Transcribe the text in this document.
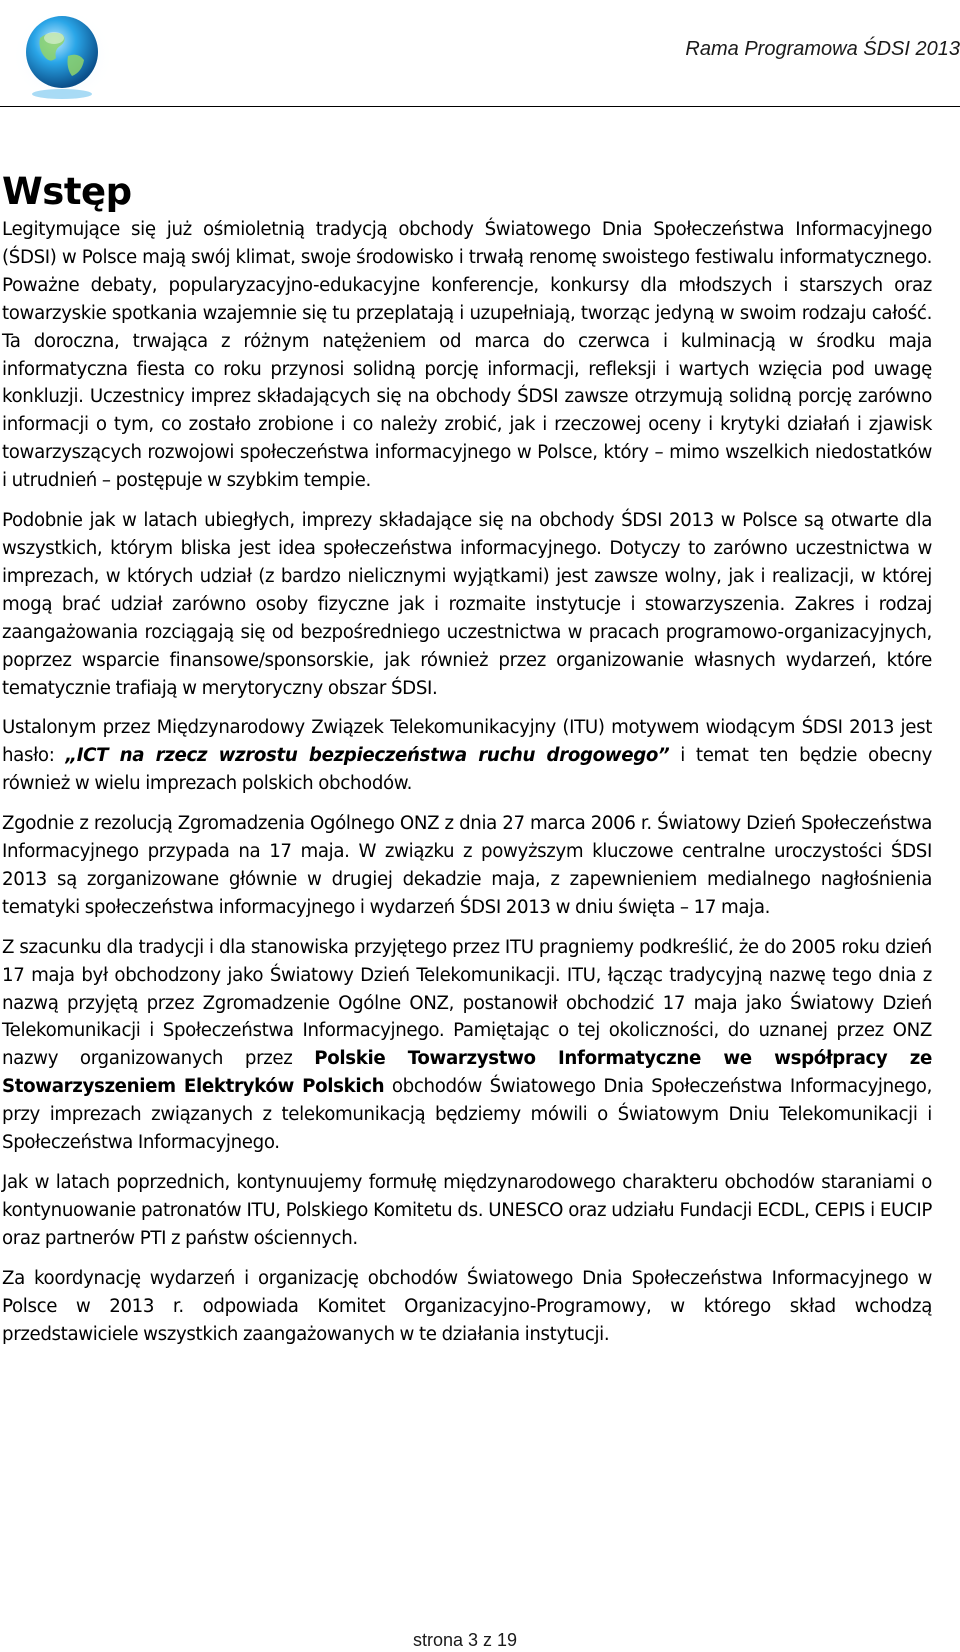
Rama Programowa ŚDSI 2013
Wstęp

Legitymujące się już ośmioletnią tradycją obchody Światowego Dnia Społeczeństwa Informacyjnego (ŚDSI) w Polsce mają swój klimat, swoje środowisko i trwałą renomę swoistego festiwalu informatycznego. Poważne debaty, popularyzacyjno-edukacyjne konferencje, konkursy dla młodszych i starszych oraz towarzyskie spotkania wzajemnie się tu przeplatają i uzupełniają, tworząc jedyną w swoim rodzaju całość. Ta doroczna, trwająca z różnym natężeniem od marca do czerwca i kulminacją w środku maja informatyczna fiesta co roku przynosi solidną porcję informacji, refleksji i wartych wzięcia pod uwagę konkluzji. Uczestnicy imprez składających się na obchody ŚDSI zawsze otrzymują solidną porcję zarówno informacji o tym, co zostało zrobione i co należy zrobić, jak i rzeczowej oceny i krytyki działań i zjawisk towarzyszących rozwojowi społeczeństwa informacyjnego w Polsce, który – mimo wszelkich niedostatków i utrudnień – postępuje w szybkim tempie.

Podobnie jak w latach ubiegłych, imprezy składające się na obchody ŚDSI 2013 w Polsce są otwarte dla wszystkich, którym bliska jest idea społeczeństwa informacyjnego. Dotyczy to zarówno uczestnictwa w imprezach, w których udział (z bardzo nielicznymi wyjątkami) jest zawsze wolny, jak i realizacji, w której mogą brać udział zarówno osoby fizyczne jak i rozmaite instytucje i stowarzyszenia. Zakres i rodzaj zaangażowania rozciągają się od bezpośredniego uczestnictwa w pracach programowo-organizacyjnych, poprzez wsparcie finansowe/sponsorskie, jak również przez organizowanie własnych wydarzeń, które tematycznie trafiają w merytoryczny obszar ŚDSI.

Ustalonym przez Międzynarodowy Związek Telekomunikacyjny (ITU) motywem wiodącym ŚDSI 2013 jest hasło: „ICT na rzecz wzrostu bezpieczeństwa ruchu drogowego” i temat ten będzie obecny również w wielu imprezach polskich obchodów.

Zgodnie z rezolucją Zgromadzenia Ogólnego ONZ z dnia 27 marca 2006 r. Światowy Dzień Społeczeństwa Informacyjnego przypada na 17 maja. W związku z powyższym kluczowe centralne uroczystości ŚDSI 2013 są zorganizowane głównie w drugiej dekadzie maja, z zapewnieniem medialnego nagłośnienia tematyki społeczeństwa informacyjnego i wydarzeń ŚDSI 2013 w dniu święta – 17 maja.

Z szacunku dla tradycji i dla stanowiska przyjętego przez ITU pragniemy podkreślić, że do 2005 roku dzień 17 maja był obchodzony jako Światowy Dzień Telekomunikacji. ITU, łącząc tradycyjną nazwę tego dnia z nazwą przyjętą przez Zgromadzenie Ogólne ONZ, postanowił obchodzić 17 maja jako Światowy Dzień Telekomunikacji i Społeczeństwa Informacyjnego. Pamiętając o tej okoliczności, do uznanej przez ONZ nazwy organizowanych przez Polskie Towarzystwo Informatyczne we współpracy ze Stowarzyszeniem Elektryków Polskich obchodów Światowego Dnia Społeczeństwa Informacyjnego, przy imprezach związanych z telekomunikacją będziemy mówili o Światowym Dniu Telekomunikacji i Społeczeństwa Informacyjnego.

Jak w latach poprzednich, kontynuujemy formułę międzynarodowego charakteru obchodów staraniami o kontynuowanie patronatów ITU, Polskiego Komitetu ds. UNESCO oraz udziału Fundacji ECDL, CEPIS i EUCIP oraz partnerów PTI z państw ościennych.

Za koordynację wydarzeń i organizację obchodów Światowego Dnia Społeczeństwa Informacyjnego w Polsce w 2013 r. odpowiada Komitet Organizacyjno-Programowy, w którego skład wchodzą przedstawiciele wszystkich zaangażowanych w te działania instytucji.

strona 3 z 19
